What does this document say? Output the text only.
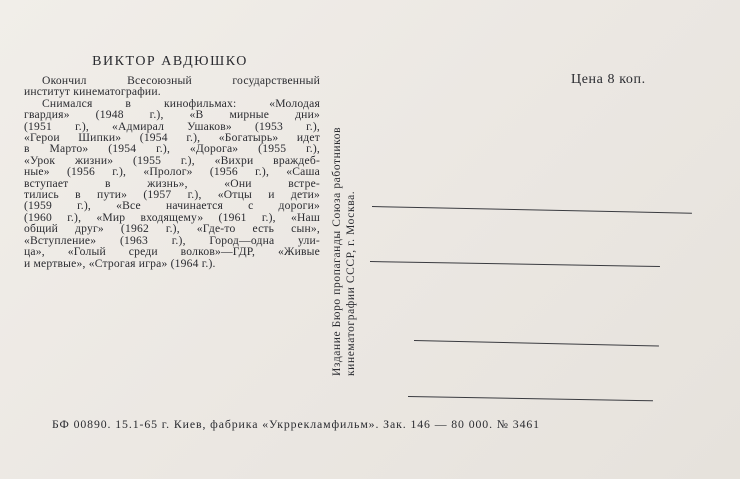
ВИКТОР АВДЮШКО
Окончил Всесоюзный государственный
институт кинематографии.
Снимался в кинофильмах: «Молодая
гвардия» (1948 г.), «В мирные дни»
(1951 г.), «Адмирал Ушаков» (1953 г.),
«Герои Шипки» (1954 г.), «Богатырь» идет
в Марто» (1954 г.), «Дорога» (1955 г.),
«Урок жизни» (1955 г.), «Вихри враждеб-
ные» (1956 г.), «Пролог» (1956 г.), «Саша
вступает в жизнь», «Они встре-
тились в пути» (1957 г.), «Отцы и дети»
(1959 г.), «Все начинается с дороги»
(1960 г.), «Мир входящему» (1961 г.), «Наш
общий друг» (1962 г.), «Где-то есть сын»,
«Вступление» (1963 г.), Город—одна ули-
ца», «Голый среди волков»—ГДР, «Живые
и мертвые», «Строгая игра» (1964 г.).	Издание Бюро пропаганды Союза работников кинематографии СССР, г. Москва.
Цена 8 коп.
БФ 00890. 15.1-65 г. Киев, фабрика «Укррекламфильм». Зак. 146 — 80 000. № 3461
